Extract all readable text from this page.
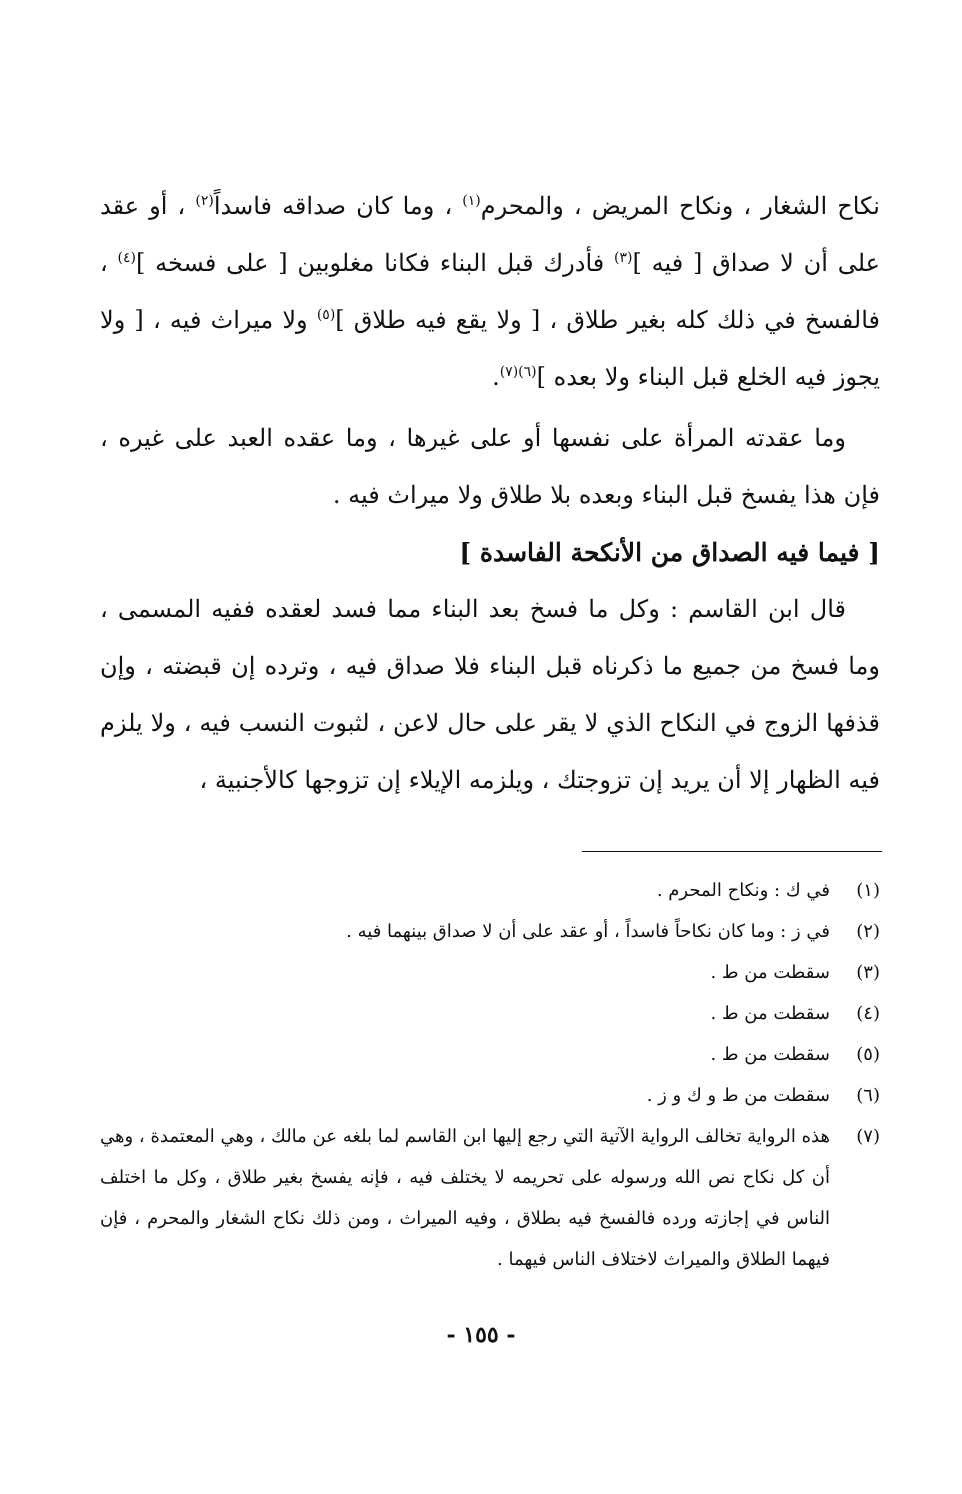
نكاح الشغار ، ونكاح المريض ، والمحرم$^{(١)}$ ، وما كان صداقه فاسداً$^{(٢)}$ ، أو عقد على أن لا صداق [ فيه ]$^{(٣)}$ فأدرك قبل البناء فكانا مغلوبين [ على فسخه ]$^{(٤)}$ ، فالفسخ في ذلك كله بغير طلاق ، [ ولا يقع فيه طلاق ]$^{(٥)}$ ولا ميراث فيه ، [ ولا يجوز فيه الخلع قبل البناء ولا بعده ]$^{(٦)(٧)}$.

وما عقدته المرأة على نفسها أو على غيرها ، وما عقده العبد على غيره ، فإن هذا يفسخ قبل البناء وبعده بلا طلاق ولا ميراث فيه .

[ فيما فيه الصداق من الأنكحة الفاسدة ]

قال ابن القاسم : وكل ما فسخ بعد البناء مما فسد لعقده ففيه المسمى ، وما فسخ من جميع ما ذكرناه قبل البناء فلا صداق فيه ، وترده إن قبضته ، وإن قذفها الزوج في النكاح الذي لا يقر على حال لاعن ، لثبوت النسب فيه ، ولا يلزم فيه الظهار إلا أن يريد إن تزوجتك ، ويلزمه الإيلاء إن تزوجها كالأجنبية ،

(١)
في ك : ونكاح المحرم .
(٢)
في ز : وما كان نكاحاً فاسداً ، أو عقد على أن لا صداق بينهما فيه .
(٣)
سقطت من ط .
(٤)
سقطت من ط .
(٥)
سقطت من ط .
(٦)
سقطت من ط و ك و ز .
(٧)
هذه الرواية تخالف الرواية الآتية التي رجع إليها ابن القاسم لما بلغه عن مالك ، وهي المعتمدة ، وهي أن كل نكاح نص الله ورسوله على تحريمه لا يختلف فيه ، فإنه يفسخ بغير طلاق ، وكل ما اختلف الناس في إجازته ورده فالفسخ فيه بطلاق ، وفيه الميراث ، ومن ذلك نكاح الشغار والمحرم ، فإن فيهما الطلاق والميراث لاختلاف الناس فيهما .
- ١٥٥ -
